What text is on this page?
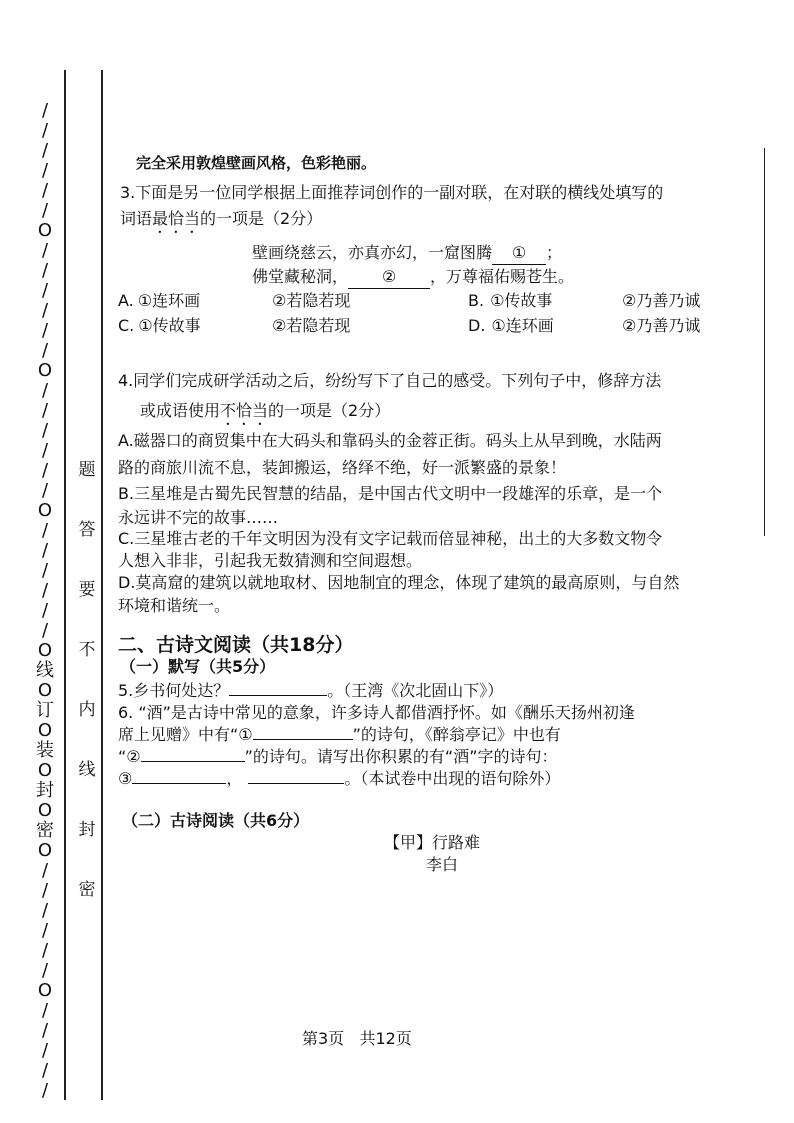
/
/
/
/
/
/
O
/
/
/
/
/
/
O
/
/
/
/
/
/
O
/
/
/
/
/
/
O
线
O
订
O
装
O
封
O
密
O
/
/
/
/
/
/
O
/
/
/
/
/
题
答
要
不
内
线
封
密
完全采用敦煌壁画风格，色彩艳丽。
3.下面是另一位同学根据上面推荐词创作的一副对联，在对联的横线处填写的
词语最恰当的一项是（2分）
壁画绕慈云，亦真亦幻，一窟图腾 ① ；
佛堂藏秘洞， ② ，万尊福佑赐苍生。
A. ①连环画	②若隐若现	B. ①传故事	②乃善乃诚
C. ①传故事	②若隐若现	D. ①连环画	②乃善乃诚
4.同学们完成研学活动之后，纷纷写下了自己的感受。下列句子中，修辞方法
或成语使用不恰当的一项是（2分）
A.磁器口的商贸集中在大码头和靠码头的金蓉正街。码头上从早到晚，水陆两
路的商旅川流不息，装卸搬运，络绎不绝，好一派繁盛的景象！
B.三星堆是古蜀先民智慧的结晶，是中国古代文明中一段雄浑的乐章，是一个
永远讲不完的故事……
C.三星堆古老的千年文明因为没有文字记载而倍显神秘，出土的大多数文物令
人想入非非，引起我无数猜测和空间遐想。
D.莫高窟的建筑以就地取材、因地制宜的理念，体现了建筑的最高原则，与自然
环境和谐统一。
二、古诗文阅读（共18分）
（一）默写（共5分）
5.乡书何处达？	。（王湾《次北固山下》）
6. “酒”是古诗中常见的意象，许多诗人都借酒抒怀。如《酬乐天扬州初逢
席上见赠》中有“①	”的诗句，《醉翁亭记》中也有
“②	”的诗句。请写出你积累的有“酒”字的诗句：
③	，	。（本试卷中出现的语句除外）
（二）古诗阅读（共6分）
【甲】行路难
李白
第3页   共12页
